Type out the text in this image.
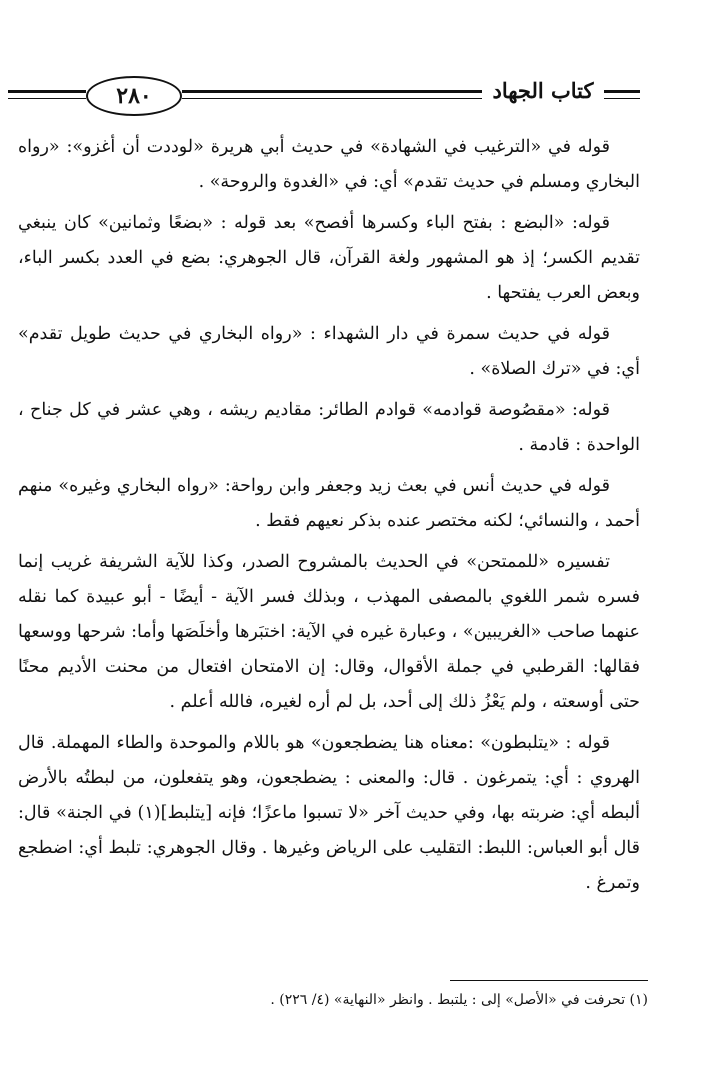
٢٨٠	كتاب الجهاد

قوله في «الترغيب في الشهادة» في حديث أبي هريرة «لوددت أن أغزو»: «رواه البخاري ومسلم في حديث تقدم» أي: في «الغدوة والروحة» .

قوله: «البضع : بفتح الباء وكسرها أفصح» بعد قوله : «بضعًا وثمانين» كان ينبغي تقديم الكسر؛ إذ هو المشهور ولغة القرآن، قال الجوهري: بضع في العدد بكسر الباء، وبعض العرب يفتحها .

قوله في حديث سمرة في دار الشهداء : «رواه البخاري في حديث طويل تقدم» أي: في «ترك الصلاة» .

قوله: «مقصُوصة قوادمه» قوادم الطائر: مقاديم ريشه ، وهي عشر في كل جناح ، الواحدة : قادمة .

قوله في حديث أنس في بعث زيد وجعفر وابن رواحة: «رواه البخاري وغيره» منهم أحمد ، والنسائي؛ لكنه مختصر عنده بذكر نعيهم فقط .

تفسيره «للممتحن» في الحديث بالمشروح الصدر، وكذا للآية الشريفة غريب إنما فسره شمر اللغوي بالمصفى المهذب ، وبذلك فسر الآية - أيضًا - أبو عبيدة كما نقله عنهما صاحب «الغريبين» ، وعبارة غيره في الآية: اختبَرها وأخلَصَها وأما: شرحها ووسعها فقالها: القرطبي في جملة الأقوال، وقال: إن الامتحان افتعال من محنت الأديم محنًا حتى أوسعته ، ولم يَعْزُ ذلك إلى أحد، بل لم أره لغيره، فالله أعلم .

قوله : «يتلبطون» :معناه هنا يضطجعون» هو باللام والموحدة والطاء المهملة. قال الهروي : أي: يتمرغون . قال: والمعنى : يضطجعون، وهو يتفعلون، من لبطتُه بالأرض ألبطه أي: ضربته بها، وفي حديث آخر «لا تسبوا ماعزًا؛ فإنه [يتلبط](١) في الجنة» قال: قال أبو العباس: اللبط: التقليب على الرياض وغيرها . وقال الجوهري: تلبط أي: اضطجع وتمرغ .

(١) تحرفت في «الأصل» إلى : يلتبط . وانظر «النهاية» (٤/ ٢٢٦) .
